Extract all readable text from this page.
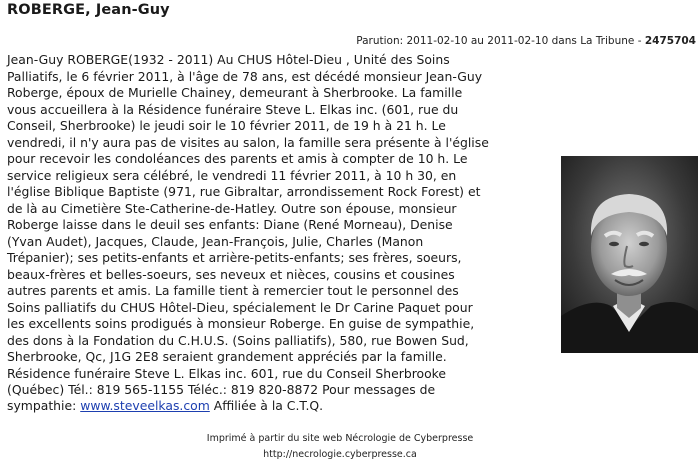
ROBERGE, Jean-Guy
Parution: 2011-02-10 au 2011-02-10 dans La Tribune - 2475704
Jean-Guy ROBERGE(1932 - 2011) Au CHUS Hôtel-Dieu , Unité des Soins
Palliatifs, le 6 février 2011, à l'âge de 78 ans, est décédé monsieur Jean-Guy
Roberge, époux de Murielle Chainey, demeurant à Sherbrooke. La famille
vous accueillera à la Résidence funéraire Steve L. Elkas inc. (601, rue du
Conseil, Sherbrooke) le jeudi soir le 10 février 2011, de 19 h à 21 h. Le
vendredi, il n'y aura pas de visites au salon, la famille sera présente à l'église
pour recevoir les condoléances des parents et amis à compter de 10 h. Le
service religieux sera célébré, le vendredi 11 février 2011, à 10 h 30, en
l'église Biblique Baptiste (971, rue Gibraltar, arrondissement Rock Forest) et
de là au Cimetière Ste-Catherine-de-Hatley. Outre son épouse, monsieur
Roberge laisse dans le deuil ses enfants: Diane (René Morneau), Denise
(Yvan Audet), Jacques, Claude, Jean-François, Julie, Charles (Manon
Trépanier); ses petits-enfants et arrière-petits-enfants; ses frères, soeurs,
beaux-frères et belles-soeurs, ses neveux et nièces, cousins et cousines
autres parents et amis. La famille tient à remercier tout le personnel des
Soins palliatifs du CHUS Hôtel-Dieu, spécialement le Dr Carine Paquet pour
les excellents soins prodigués à monsieur Roberge. En guise de sympathie,
des dons à la Fondation du C.H.U.S. (Soins palliatifs), 580, rue Bowen Sud,
Sherbrooke, Qc, J1G 2E8 seraient grandement appréciés par la famille.
Résidence funéraire Steve L. Elkas inc. 601, rue du Conseil Sherbrooke
(Québec) Tél.: 819 565-1155 Téléc.: 819 820-8872 Pour messages de
sympathie: www.steveelkas.com Affiliée à la C.T.Q.
Imprimé à partir du site web Nécrologie de Cyberpresse
http://necrologie.cyberpresse.ca
